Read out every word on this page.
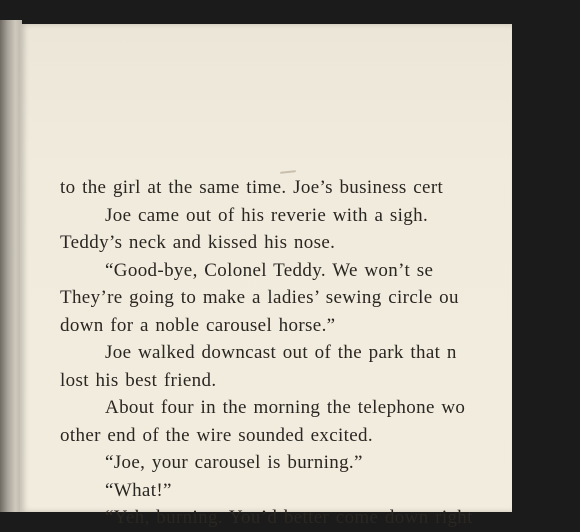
to the girl at the same time. Joe’s business cert
Joe came out of his reverie with a sigh.
Teddy’s neck and kissed his nose.
“Good-bye, Colonel Teddy. We won’t se
They’re going to make a ladies’ sewing circle ou
down for a noble carousel horse.”
Joe walked downcast out of the park that n
lost his best friend.
About four in the morning the telephone wo
other end of the wire sounded excited.
“Joe, your carousel is burning.”
“What!”
“Yeh, burning. You’d better come down right
